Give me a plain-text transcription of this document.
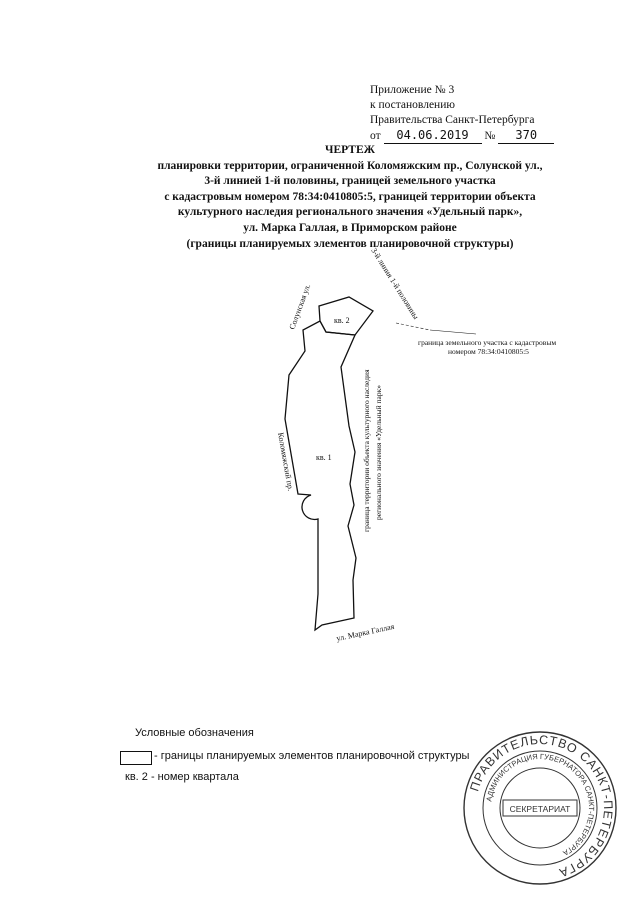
Приложение № 3
к постановлению
Правительства Санкт-Петербурга
от 04.06.2019 № 370
ЧЕРТЕЖ
планировки территории, ограниченной Коломяжским пр., Солунской ул.,
3-й линией 1-й половины, границей земельного участка
с кадастровым номером 78:34:0410805:5, границей территории объекта
культурного наследия регионального значения «Удельный парк»,
ул. Марка Галлая, в Приморском районе
(границы планируемых элементов планировочной структуры)
3-й линия 1-й половины
Солунская ул.	кв. 2
кв. 1
граница земельного участка с кадастровым
номером 78:34:0410805:5
граница территории объекта культурного наследия регионального значения «Удельный парк»
Коломяжский пр.
ул. Марка Галлая
Условные обозначения
- границы планируемых элементов планировочной структуры
кв. 2 - номер квартала
ПРАВИТЕЛЬСТВО САНКТ-ПЕТЕРБУРГА
АДМИНИСТРАЦИЯ ГУБЕРНАТОРА САНКТ-ПЕТЕРБУРГА
СЕКРЕТАРИАТ
